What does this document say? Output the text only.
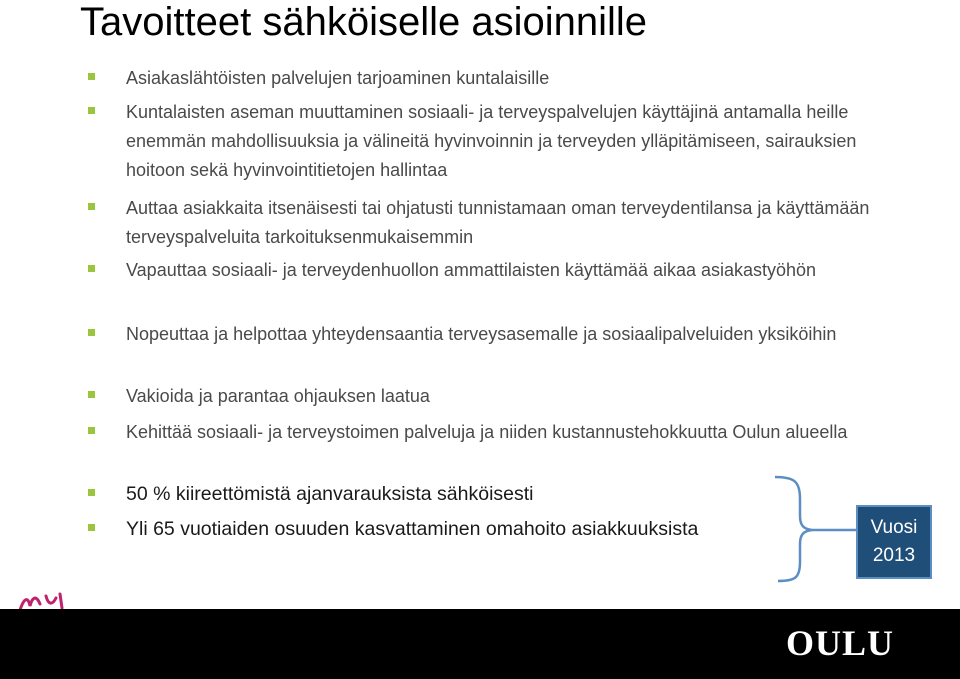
Tavoitteet sähköiselle asioinnille
Asiakaslähtöisten palvelujen tarjoaminen kuntalaisille
Kuntalaisten aseman muuttaminen sosiaali- ja terveyspalvelujen käyttäjinä antamalla heille enemmän mahdollisuuksia ja välineitä hyvinvoinnin ja terveyden ylläpitämiseen, sairauksien hoitoon sekä hyvinvointitietojen hallintaa
Auttaa asiakkaita itsenäisesti tai ohjatusti tunnistamaan oman terveydentilansa ja käyttämään terveyspalveluita tarkoituksenmukaisemmin
Vapauttaa sosiaali- ja terveydenhuollon ammattilaisten käyttämää aikaa asiakastyöhön
Nopeuttaa ja helpottaa yhteydensaantia terveysasemalle ja sosiaalipalveluiden yksiköihin
Vakioida ja parantaa ohjauksen laatua
Kehittää sosiaali- ja terveystoimen palveluja ja niiden kustannustehokkuutta Oulun alueella
50 % kiireettömistä ajanvarauksista sähköisesti
Yli 65 vuotiaiden osuuden kasvattaminen omahoito asiakkuuksista	Vuosi
2013
OULU
